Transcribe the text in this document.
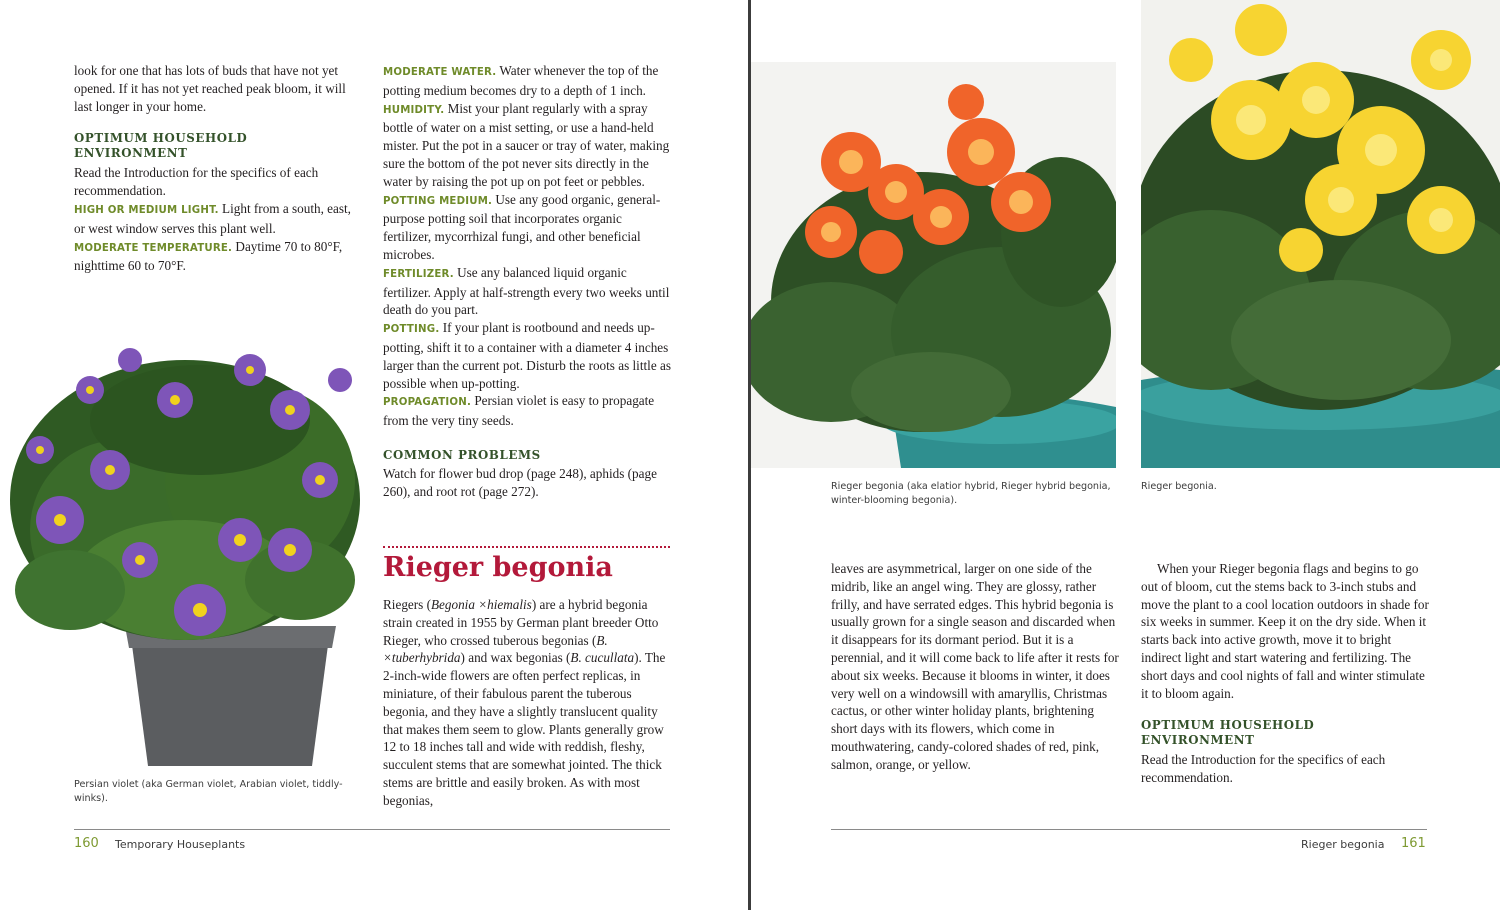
look for one that has lots of buds that have not yet opened. If it has not yet reached peak bloom, it will last longer in your home.

OPTIMUM HOUSEHOLD ENVIRONMENT

Read the Introduction for the specifics of each recommendation.

HIGH OR MEDIUM LIGHT. Light from a south, east, or west window serves this plant well.

MODERATE TEMPERATURE. Daytime 70 to 80°F, nighttime 60 to 70°F.

Persian violet (aka German violet, Arabian violet, tiddly-winks).

MODERATE WATER. Water whenever the top of the potting medium becomes dry to a depth of 1 inch.

HUMIDITY. Mist your plant regularly with a spray bottle of water on a mist setting, or use a hand-held mister. Put the pot in a saucer or tray of water, making sure the bottom of the pot never sits directly in the water by raising the pot up on pot feet or pebbles.

POTTING MEDIUM. Use any good organic, general-purpose potting soil that incorporates organic fertilizer, mycorrhizal fungi, and other beneficial microbes.

FERTILIZER. Use any balanced liquid organic fertilizer. Apply at half-strength every two weeks until death do you part.

POTTING. If your plant is rootbound and needs up-potting, shift it to a container with a diameter 4 inches larger than the current pot. Disturb the roots as little as possible when up-potting.

PROPAGATION. Persian violet is easy to propagate from the very tiny seeds.

COMMON PROBLEMS

Watch for flower bud drop (page 248), aphids (page 260), and root rot (page 272).

Rieger begonia

Riegers (Begonia ×hiemalis) are a hybrid begonia strain created in 1955 by German plant breeder Otto Rieger, who crossed tuberous begonias (B. ×tuberhybrida) and wax begonias (B. cucullata). The 2-inch-wide flowers are often perfect replicas, in miniature, of their fabulous parent the tuberous begonia, and they have a slightly translucent quality that makes them seem to glow. Plants generally grow 12 to 18 inches tall and wide with reddish, fleshy, succulent stems that are somewhat jointed. The thick stems are brittle and easily broken. As with most begonias,

160 Temporary Houseplants

Rieger begonia (aka elatior hybrid, Rieger hybrid begonia, winter-blooming begonia).

Rieger begonia.

leaves are asymmetrical, larger on one side of the midrib, like an angel wing. They are glossy, rather frilly, and have serrated edges. This hybrid begonia is usually grown for a single season and discarded when it disappears for its dormant period. But it is a perennial, and it will come back to life after it rests for about six weeks. Because it blooms in winter, it does very well on a windowsill with amaryllis, Christmas cactus, or other winter holiday plants, brightening short days with its flowers, which come in mouthwatering, candy-colored shades of red, pink, salmon, orange, or yellow.

When your Rieger begonia flags and begins to go out of bloom, cut the stems back to 3-inch stubs and move the plant to a cool location outdoors in shade for six weeks in summer. Keep it on the dry side. When it starts back into active growth, move it to bright indirect light and start watering and fertilizing. The short days and cool nights of fall and winter stimulate it to bloom again.

OPTIMUM HOUSEHOLD ENVIRONMENT

Read the Introduction for the specifics of each recommendation.

Rieger begonia 161
